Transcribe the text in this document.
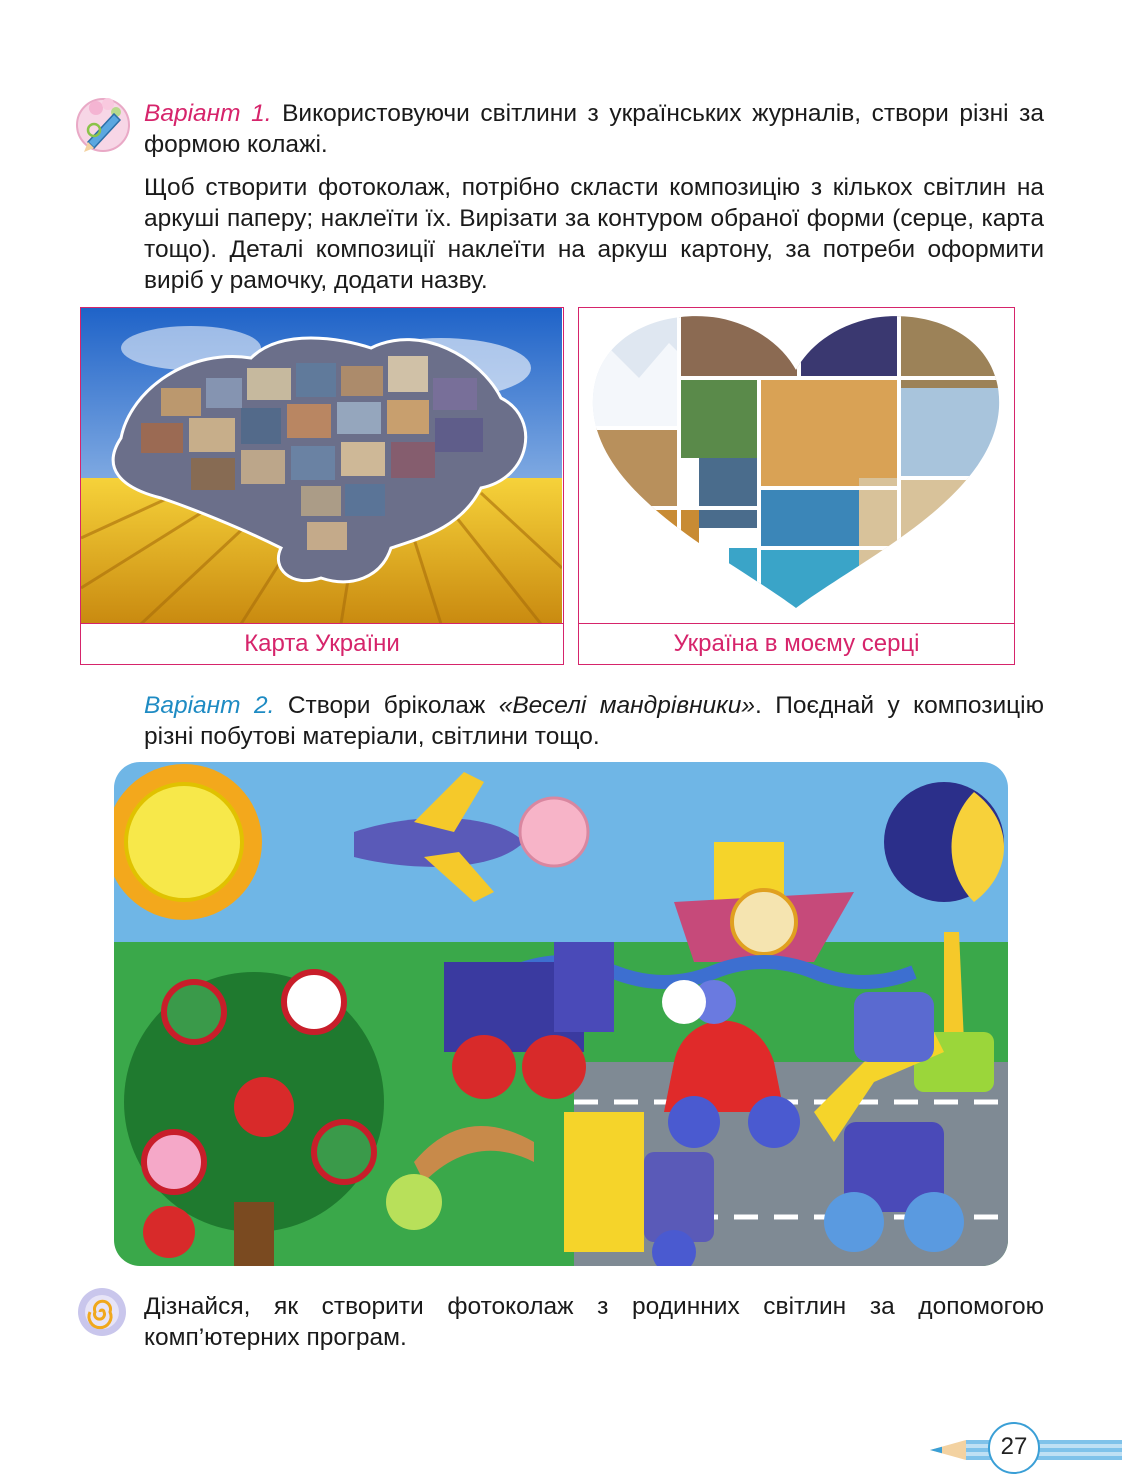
Варіант 1. Використовуючи світлини з українських журналів, створи різні за формою колажі.
Щоб створити фотоколаж, потрібно скласти композицію з кількох світлин на аркуші паперу; наклеїти їх. Вирізати за контуром обраної форми (серце, карта тощо). Деталі композиції наклеїти на аркуш картону, за потреби оформити виріб у рамочку, додати назву.
Карта України	Україна в моєму серці
Варіант 2. Створи бріколаж «Веселі мандрівники». Поєднай у композицію різні побутові матеріали, світлини тощо.
Дізнайся, як створити фотоколаж з родинних світлин за допомогою комп’ютерних програм.
27
